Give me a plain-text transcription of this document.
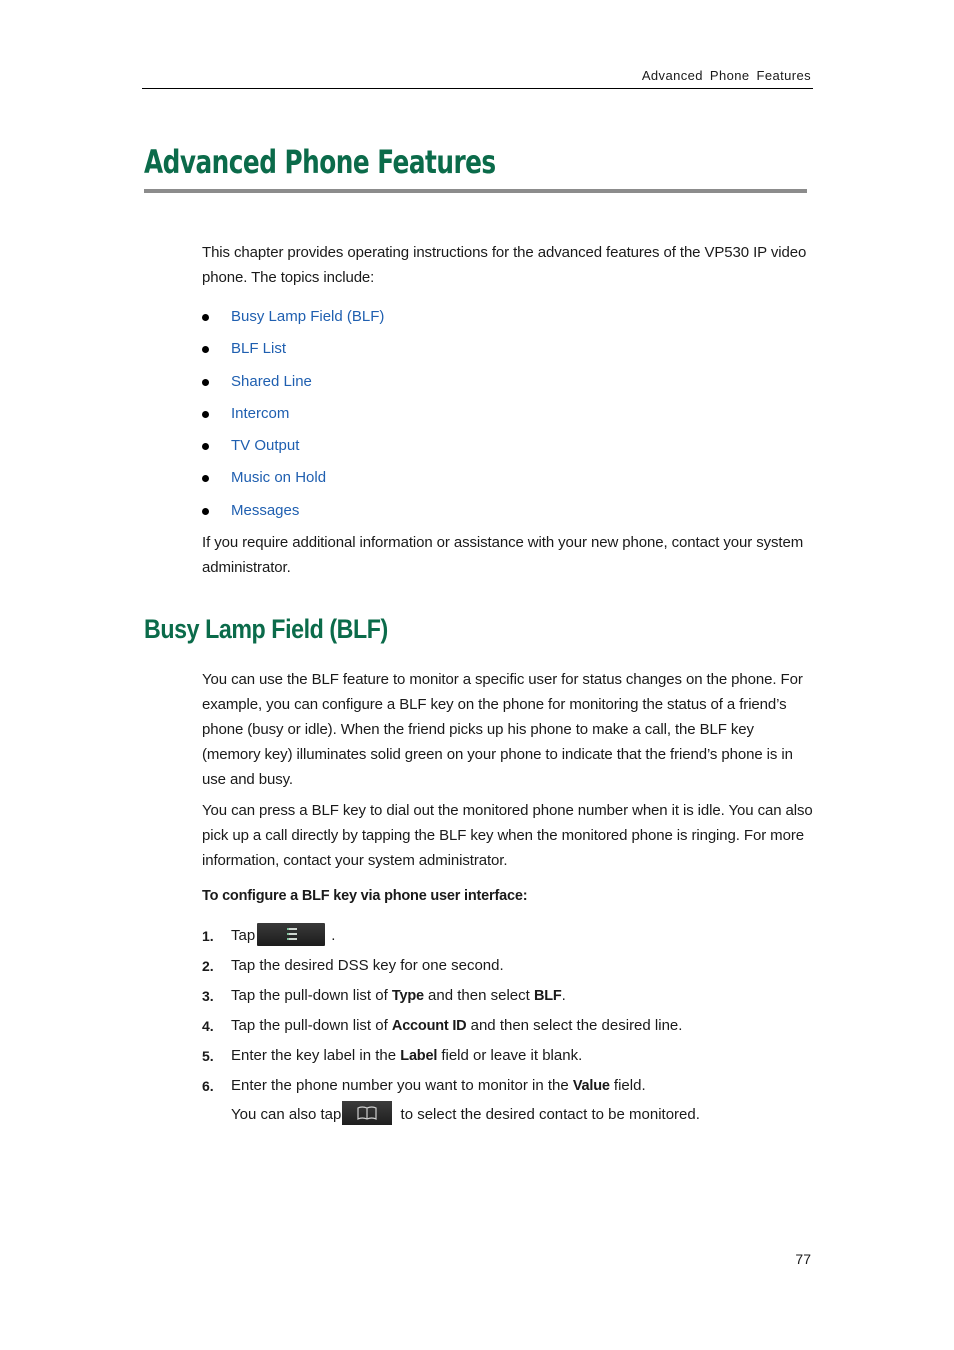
Advanced Phone Features
Advanced Phone Features

This chapter provides operating instructions for the advanced features of the VP530 IP video phone. The topics include:

Busy Lamp Field (BLF)
BLF List
Shared Line
Intercom
TV Output
Music on Hold
Messages

If you require additional information or assistance with your new phone, contact your system administrator.

Busy Lamp Field (BLF)

You can use the BLF feature to monitor a specific user for status changes on the phone. For example, you can configure a BLF key on the phone for monitoring the status of a friend’s phone (busy or idle). When the friend picks up his phone to make a call, the BLF key (memory key) illuminates solid green on your phone to indicate that the friend’s phone is in use and busy.

You can press a BLF key to dial out the monitored phone number when it is idle. You can also pick up a call directly by tapping the BLF key when the monitored phone is ringing. For more information, contact your system administrator.

To configure a BLF key via phone user interface:

1. Tap	.
2. Tap the desired DSS key for one second.
3. Tap the pull-down list of Type and then select BLF.
4. Tap the pull-down list of Account ID and then select the desired line.
5. Enter the key label in the Label field or leave it blank.
6. Enter the phone number you want to monitor in the Value field.
You can also tap	to select the desired contact to be monitored.
77
